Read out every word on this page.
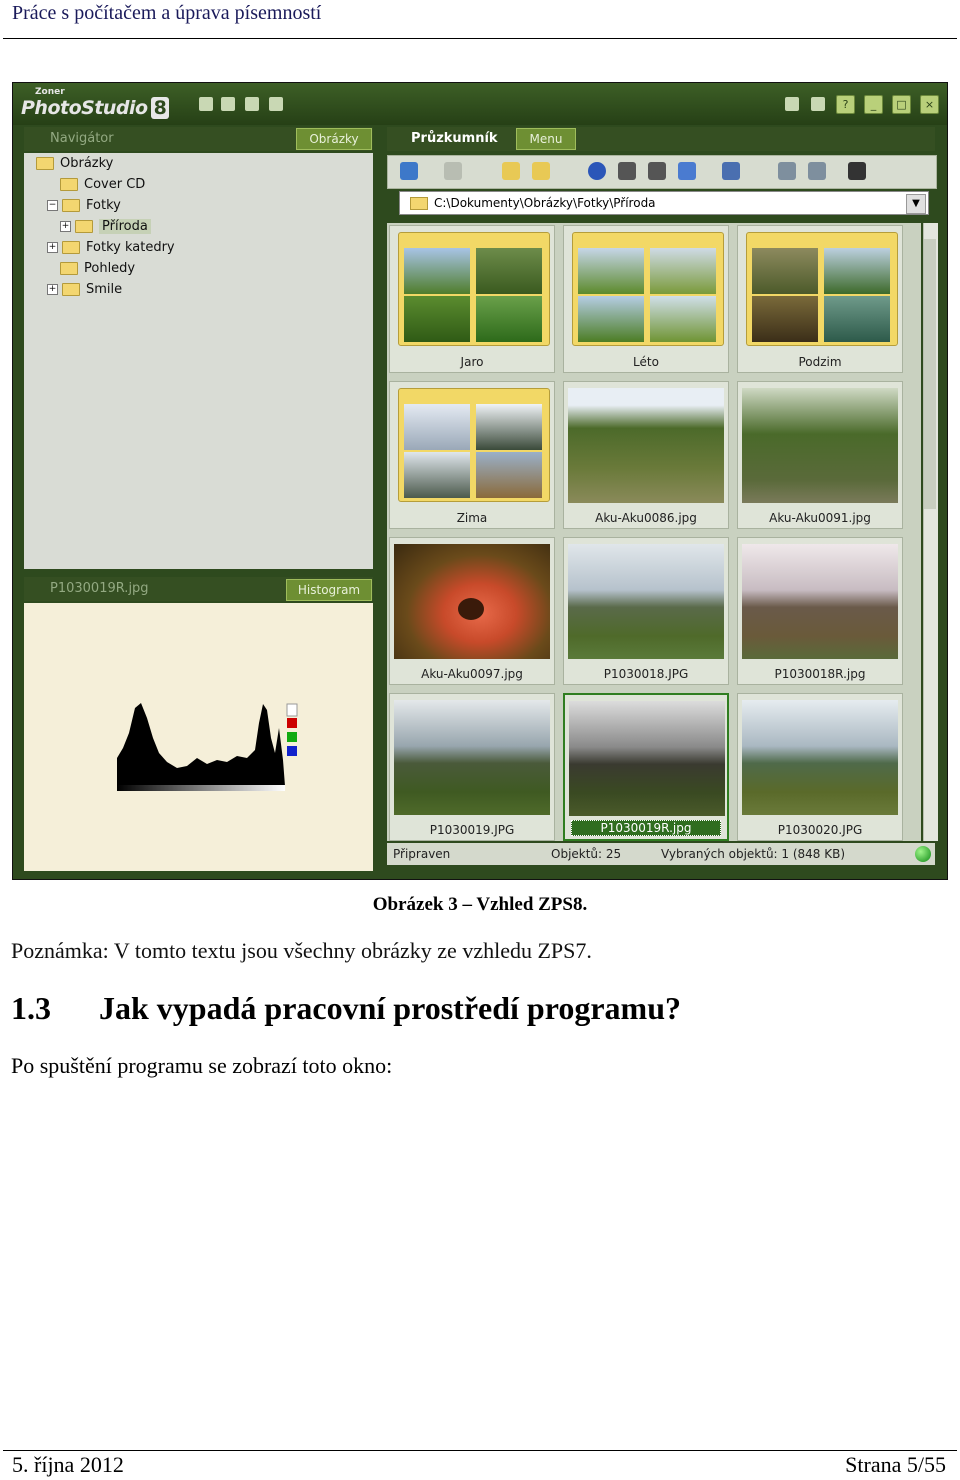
Práce s počítačem a úprava písemností
Zoner
PhotoStudio 8	?	_	□	×
Navigátor	Obrázky
Obrázky
Cover CD
− Fotky
+	Příroda
+ Fotky katedry
Pohledy
+ Smile
P1030019R.jpg	Histogram
Průzkumník	Menu
C:\Dokumenty\Obrázky\Fotky\Příroda	▼
Jaro	Léto	Podzim
Zima	Aku-Aku0086.jpg	Aku-Aku0091.jpg
Aku-Aku0097.jpg	P1030018.JPG	P1030018R.jpg
P1030019.JPG	P1030019R.jpg	P1030020.JPG
Připraven	Objektů: 25	Vybraných objektů: 1 (848 KB)
Obrázek 3 – Vzhled ZPS8.
Poznámka: V tomto textu jsou všechny obrázky ze vzhledu ZPS7.
1.3 Jak vypadá pracovní prostředí programu?
Po spuštění programu se zobrazí toto okno:
5. října 2012	Strana 5/55
